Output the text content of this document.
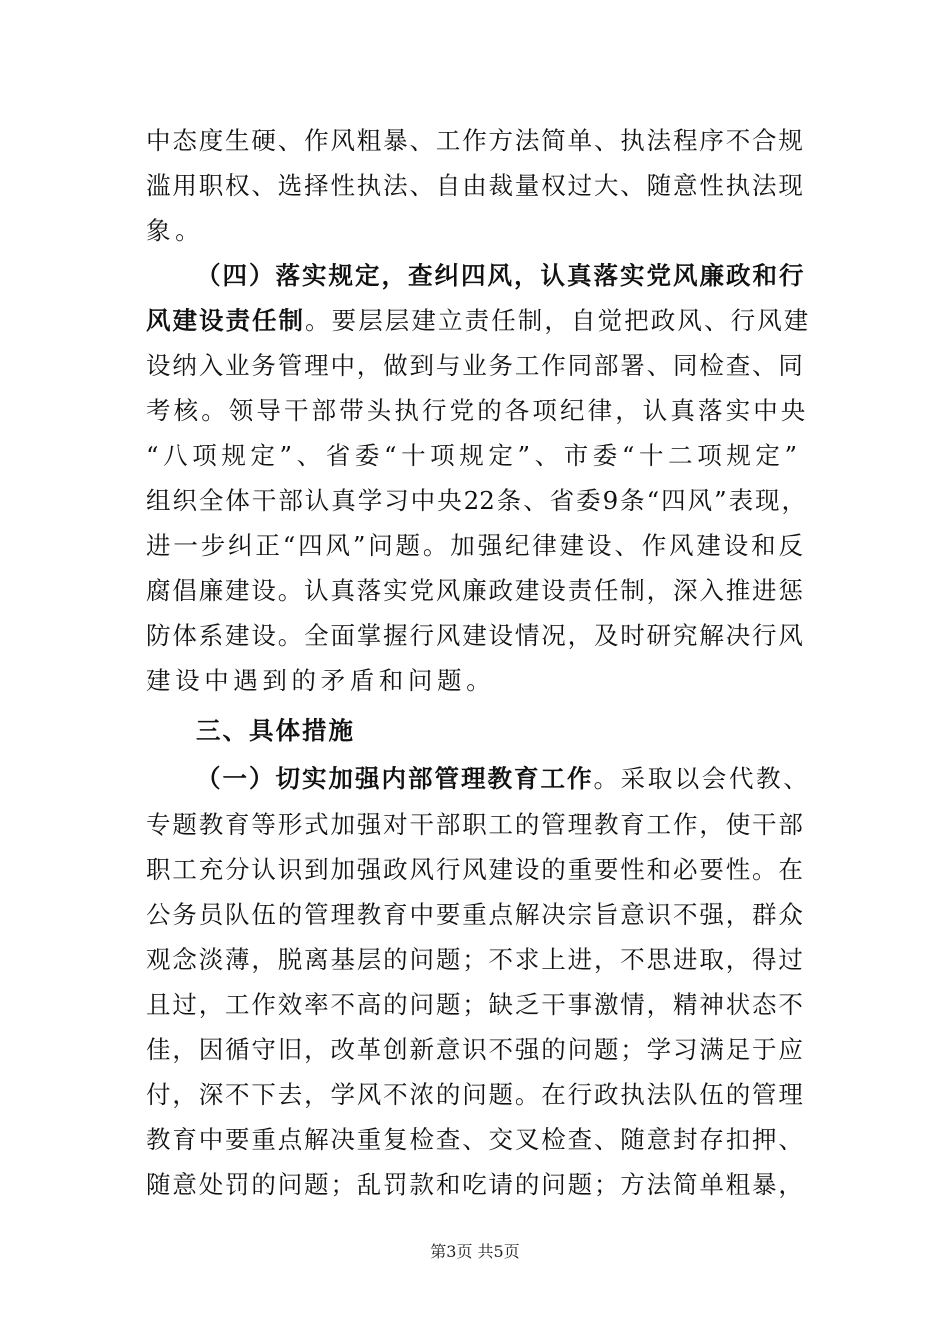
中态度生硬、作风粗暴、工作方法简单、执法程序不合规
滥用职权、选择性执法、自由裁量权过大、随意性执法现
象。
（四）落实规定，查纠四风，认真落实党风廉政和行
风建设责任制。要层层建立责任制，自觉把政风、行风建
设纳入业务管理中，做到与业务工作同部署、同检查、同
考核。领导干部带头执行党的各项纪律，认真落实中央
“八项规定”、省委“十项规定”、市委“十二项规定”
组织全体干部认真学习中央22条、省委9条“四风”表现，
进一步纠正“四风”问题。加强纪律建设、作风建设和反
腐倡廉建设。认真落实党风廉政建设责任制，深入推进惩
防体系建设。全面掌握行风建设情况，及时研究解决行风
建设中遇到的矛盾和问题。
三、具体措施
（一）切实加强内部管理教育工作。采取以会代教、
专题教育等形式加强对干部职工的管理教育工作，使干部
职工充分认识到加强政风行风建设的重要性和必要性。在
公务员队伍的管理教育中要重点解决宗旨意识不强，群众
观念淡薄，脱离基层的问题；不求上进，不思进取，得过
且过，工作效率不高的问题；缺乏干事激情，精神状态不
佳，因循守旧，改革创新意识不强的问题；学习满足于应
付，深不下去，学风不浓的问题。在行政执法队伍的管理
教育中要重点解决重复检查、交叉检查、随意封存扣押、
随意处罚的问题；乱罚款和吃请的问题；方法简单粗暴，
第3页 共5页
